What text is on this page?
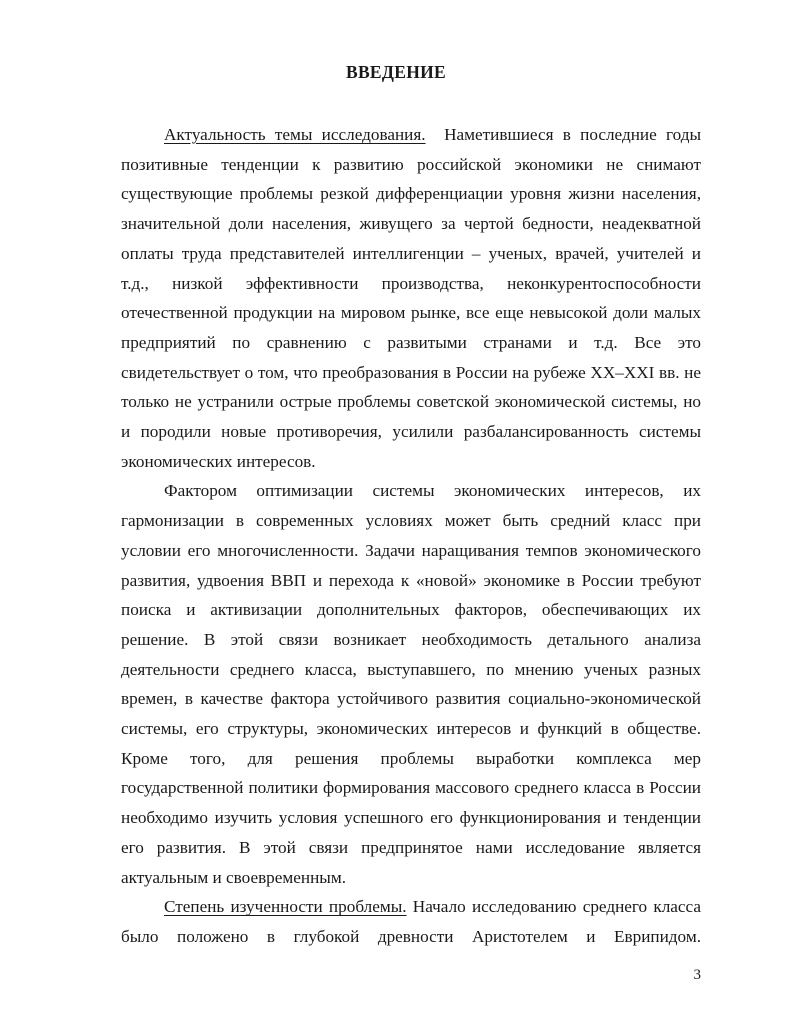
ВВЕДЕНИЕ

Актуальность темы исследования. Наметившиеся в последние годы позитивные тенденции к развитию российской экономики не снимают существующие проблемы резкой дифференциации уровня жизни населения, значительной доли населения, живущего за чертой бедности, неадекватной оплаты труда представителей интеллигенции – ученых, врачей, учителей и т.д., низкой эффективности производства, неконкурентоспособности отечественной продукции на мировом рынке, все еще невысокой доли малых предприятий по сравнению с развитыми странами и т.д. Все это свидетельствует о том, что преобразования в России на рубеже XX–XXI вв. не только не устранили острые проблемы советской экономической системы, но и породили новые противоречия, усилили разбалансированность системы экономических интересов.

Фактором оптимизации системы экономических интересов, их гармонизации в современных условиях может быть средний класс при условии его многочисленности. Задачи наращивания темпов экономического развития, удвоения ВВП и перехода к «новой» экономике в России требуют поиска и активизации дополнительных факторов, обеспечивающих их решение. В этой связи возникает необходимость детального анализа деятельности среднего класса, выступавшего, по мнению ученых разных времен, в качестве фактора устойчивого развития социально-экономической системы, его структуры, экономических интересов и функций в обществе. Кроме того, для решения проблемы выработки комплекса мер государственной политики формирования массового среднего класса в России необходимо изучить условия успешного его функционирования и тенденции его развития. В этой связи предпринятое нами исследование является актуальным и своевременным.

Степень изученности проблемы. Начало исследованию среднего класса было положено в глубокой древности Аристотелем и Еврипидом.

3
